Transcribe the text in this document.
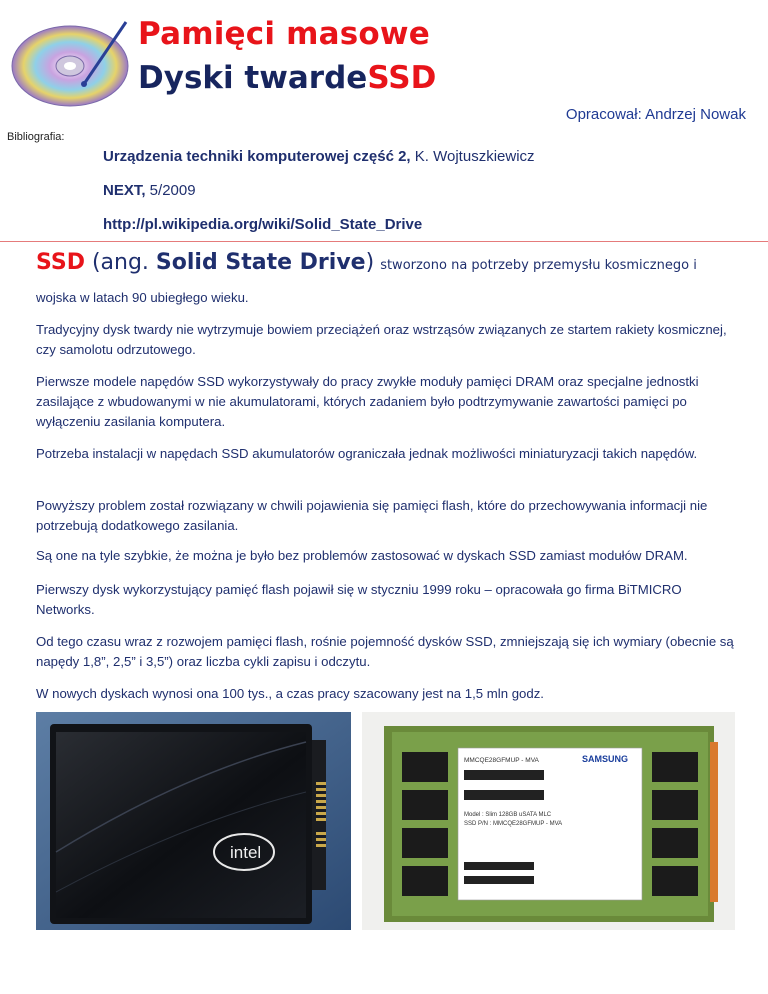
Pamięci masowe
Dyski twardeSSD
Opracował: Andrzej Nowak
Bibliografia:
Urządzenia techniki komputerowej część 2, K. Wojtuszkiewicz
NEXT, 5/2009
http://pl.wikipedia.org/wiki/Solid_State_Drive
SSD (ang. Solid State Drive) stworzono na potrzeby przemysłu kosmicznego i
wojska w latach 90 ubiegłego wieku.
Tradycyjny dysk twardy nie wytrzymuje bowiem przeciążeń oraz wstrząsów związanych ze startem rakiety kosmicznej, czy samolotu odrzutowego.
Pierwsze modele napędów SSD wykorzystywały do pracy zwykłe moduły pamięci DRAM oraz specjalne jednostki zasilające z wbudowanymi w nie akumulatorami, których zadaniem było podtrzymywanie zawartości pamięci po wyłączeniu zasilania komputera.
Potrzeba instalacji w napędach SSD akumulatorów ograniczała jednak możliwości miniaturyzacji takich napędów.
Powyższy problem został rozwiązany w chwili pojawienia się pamięci flash, które do przechowywania informacji nie potrzebują dodatkowego zasilania.
Są one na tyle szybkie, że można je było bez problemów zastosować w dyskach SSD zamiast modułów DRAM.
Pierwszy dysk wykorzystujący pamięć flash pojawił się w styczniu 1999 roku – opracowała go firma BiTMICRO Networks.
Od tego czasu wraz z rozwojem pamięci flash, rośnie pojemność dysków SSD, zmniejszają się ich wymiary (obecnie są napędy 1,8”, 2,5” i 3,5”) oraz liczba cykli zapisu i odczytu.
W nowych dyskach wynosi ona 100 tys., a czas pracy szacowany jest na 1,5 mln godz.
intel
MMCQE28GFMUP - MVA	SAMSUNG
Model : Slim 128GB uSATA MLC
SSD P/N : MMCQE28GFMUP - MVA
